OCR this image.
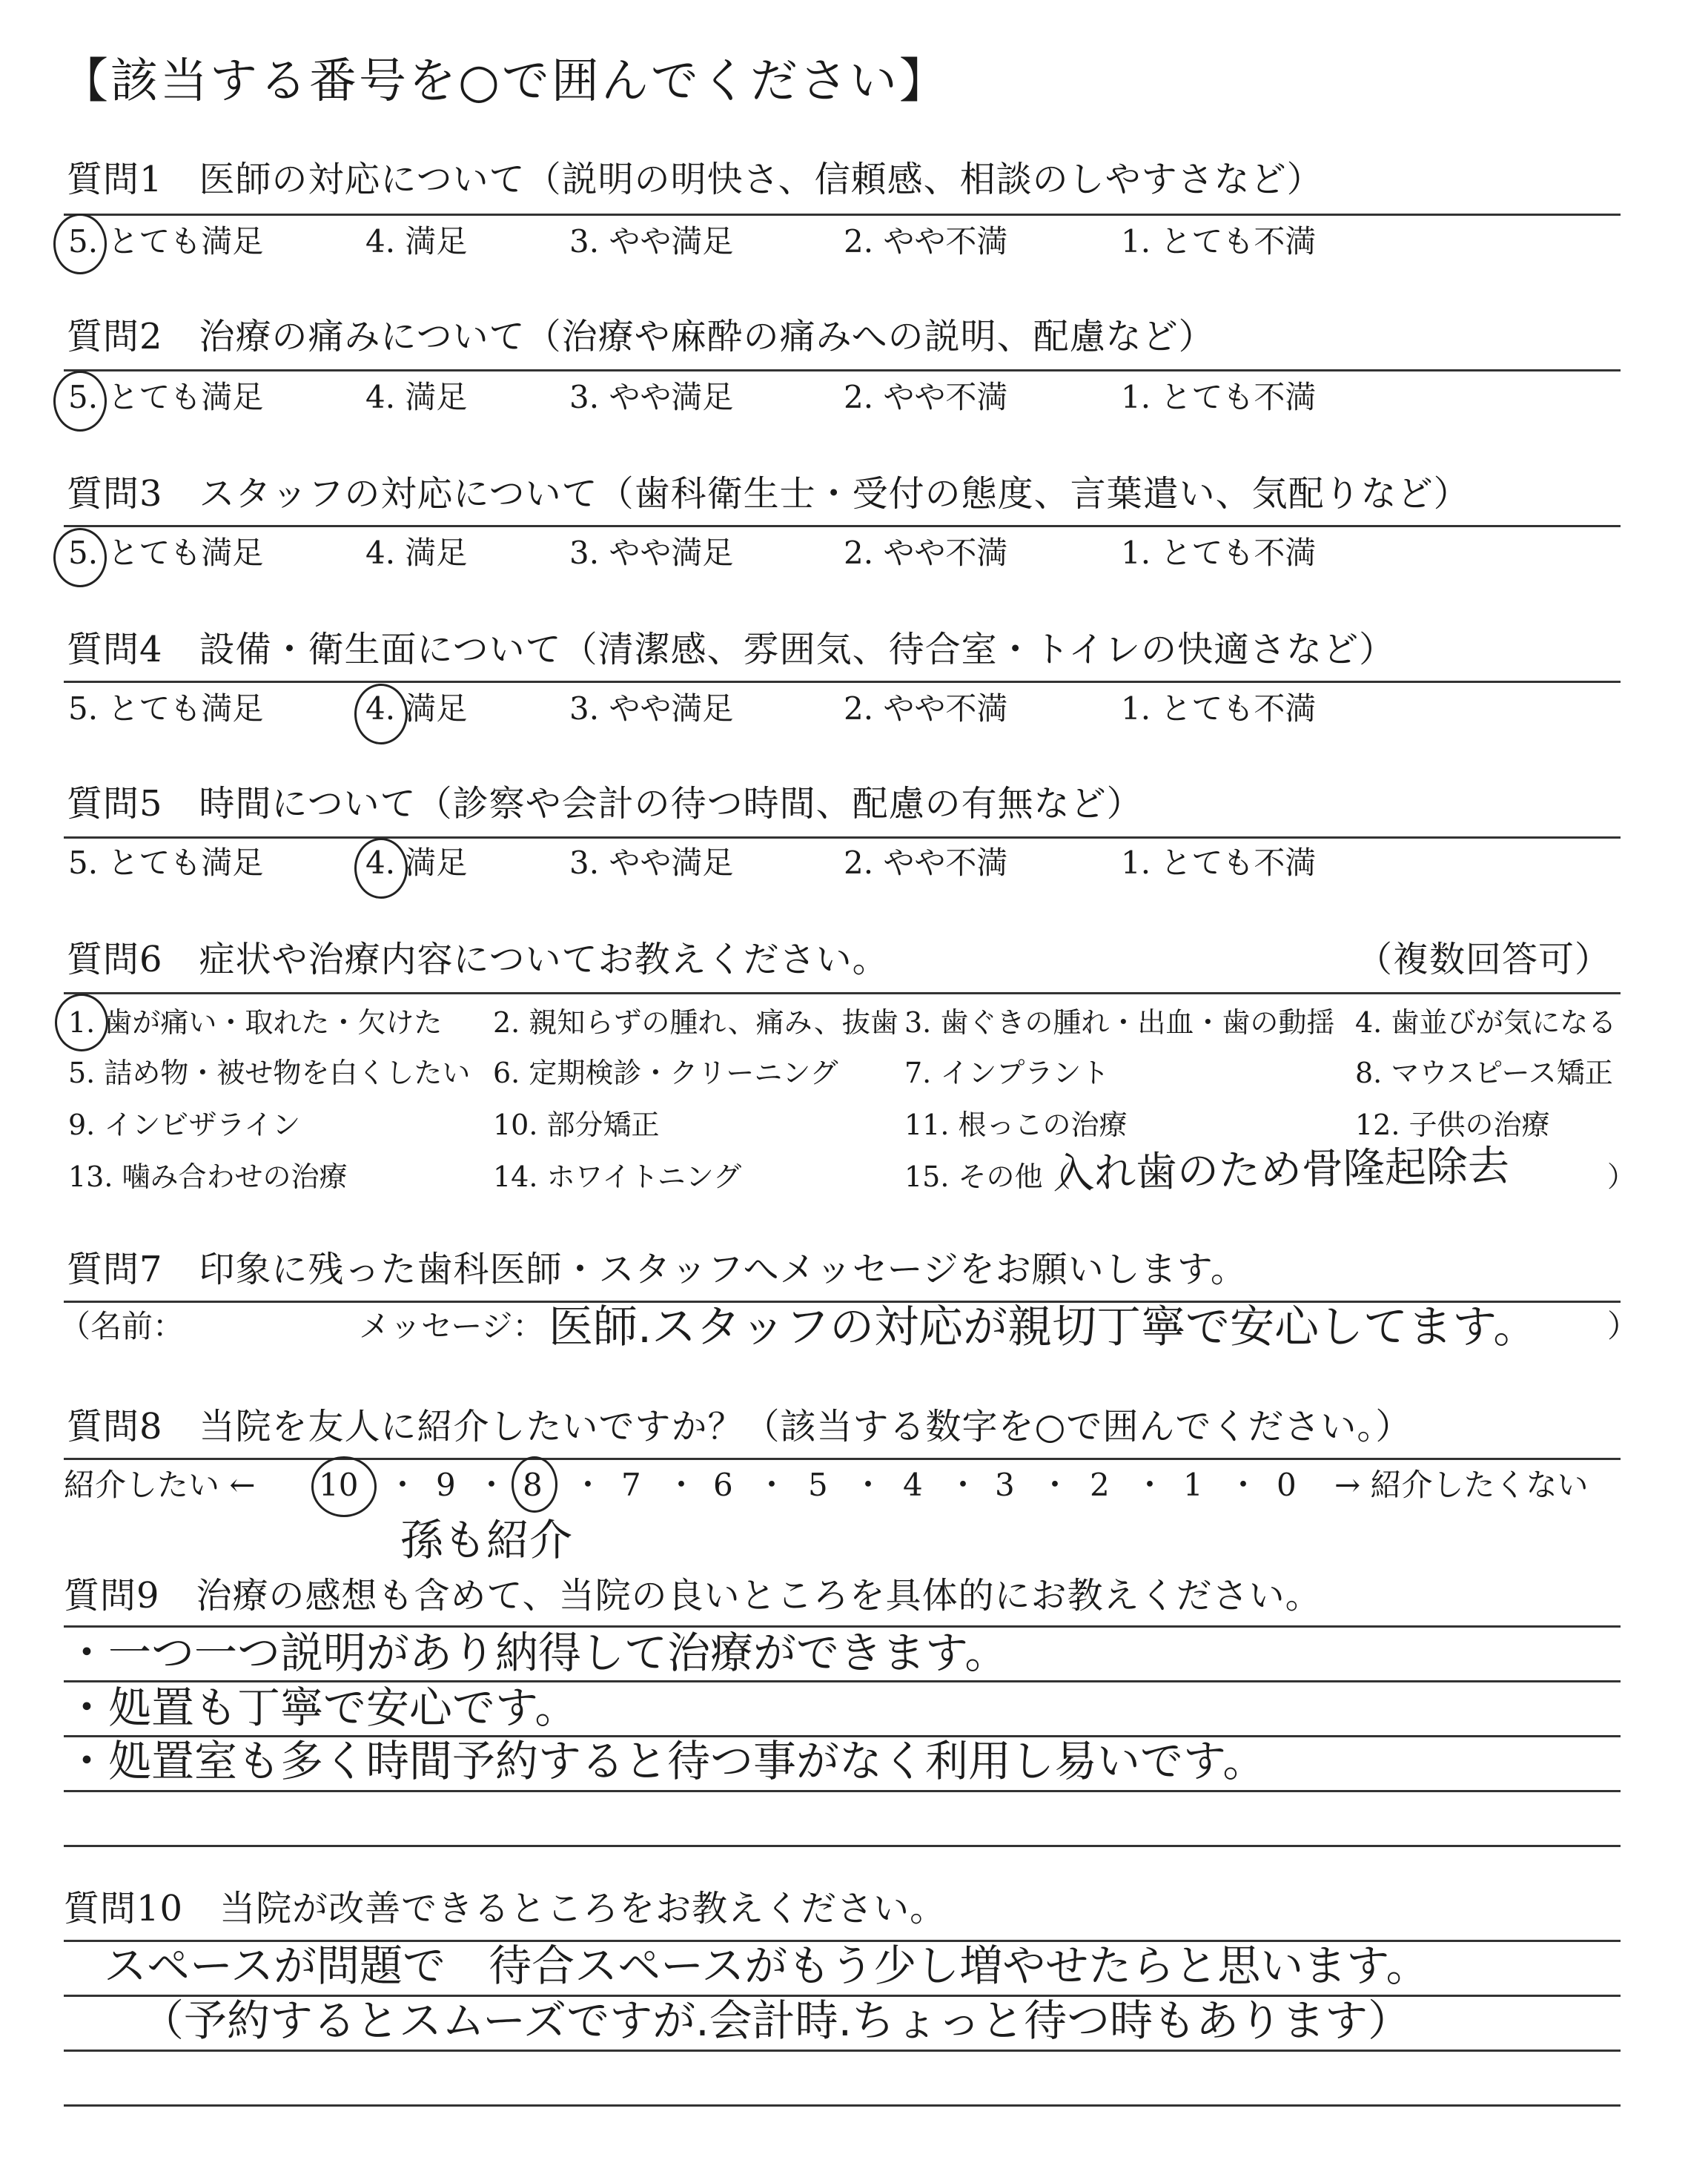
【該当する番号を○で囲んでください】
質問1　医師の対応について（説明の明快さ、信頼感、相談のしやすさなど）
5. とても満足	4. 満足	3. やや満足	2. やや不満	1. とても不満
質問2　治療の痛みについて（治療や麻酔の痛みへの説明、配慮など）
5. とても満足	4. 満足	3. やや満足	2. やや不満	1. とても不満
質問3　スタッフの対応について（歯科衛生士・受付の態度、言葉遣い、気配りなど）
5. とても満足	4. 満足	3. やや満足	2. やや不満	1. とても不満
質問4　設備・衛生面について（清潔感、雰囲気、待合室・トイレの快適さなど）
5. とても満足	4. 満足	3. やや満足	2. やや不満	1. とても不満
質問5　時間について（診察や会計の待つ時間、配慮の有無など）
5. とても満足	4. 満足	3. やや満足	2. やや不満	1. とても不満
質問6　症状や治療内容についてお教えください。	（複数回答可）
1. 歯が痛い・取れた・欠けた 2. 親知らずの腫れ、痛み、抜歯 3. 歯ぐきの腫れ・出血・歯の動揺 4. 歯並びが気になる
5. 詰め物・被せ物を白くしたい 6. 定期検診・クリーニング 7. インプラント	8. マウスピース矯正
9. インビザライン	10. 部分矯正	11. 根っこの治療	12. 子供の治療
13. 噛み合わせの治療	14. ホワイトニング	15. その他（
入れ歯のため骨隆起除去	）
質問7　印象に残った歯科医師・スタッフへメッセージをお願いします。
（名前：	メッセージ： 医師.スタッフの対応が親切丁寧で安心してます。 ）
質問8　当院を友人に紹介したいですか？（該当する数字を○で囲んでください。）
紹介したい ← 10 ・ 9 ・ 8 ・ 7 ・ 6 ・ 5 ・ 4 ・ 3 ・ 2 ・ 1 ・ 0 → 紹介したくない
孫も紹介
質問9　治療の感想も含めて、当院の良いところを具体的にお教えください。
・一つ一つ説明があり納得して治療ができます。
・処置も丁寧で安心です。
・処置室も多く時間予約すると待つ事がなく利用し易いです。
質問10　当院が改善できるところをお教えください。
スペースが問題で　待合スペースがもう少し増やせたらと思います。
（予約するとスムーズですが.会計時.ちょっと待つ時もあります）
